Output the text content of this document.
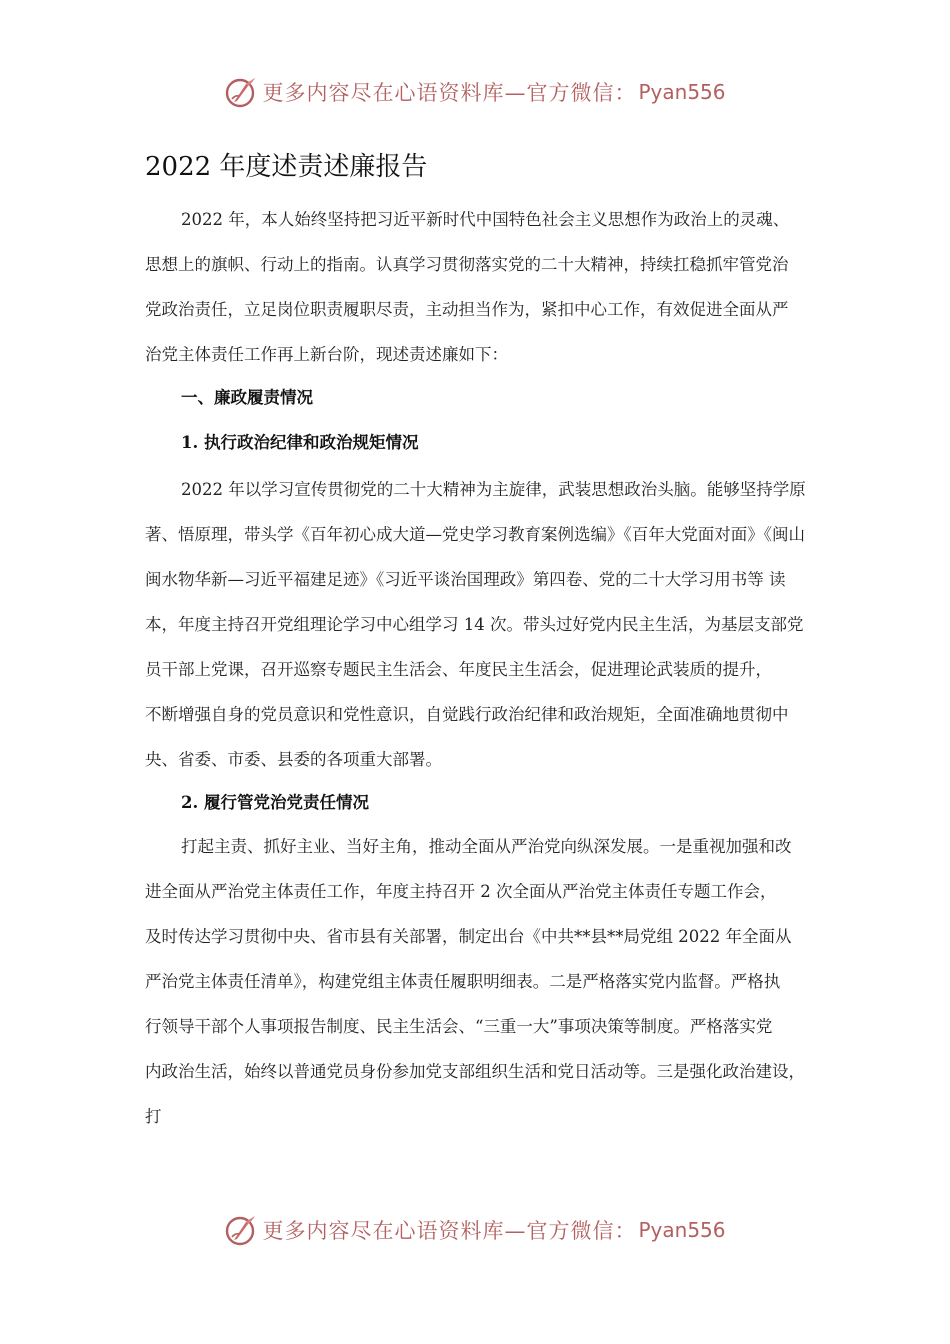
更多内容尽在心语资料库—官方微信： Pyan556
2022 年度述责述廉报告
2022 年，本人始终坚持把习近平新时代中国特色社会主义思想作为政治上的灵魂、
思想上的旗帜、行动上的指南。认真学习贯彻落实党的二十大精神，持续扛稳抓牢管党治
党政治责任，立足岗位职责履职尽责，主动担当作为，紧扣中心工作，有效促进全面从严
治党主体责任工作再上新台阶，现述责述廉如下：
一、廉政履责情况
1. 执行政治纪律和政治规矩情况
2022 年以学习宣传贯彻党的二十大精神为主旋律，武装思想政治头脑。能够坚持学原
著、悟原理，带头学《百年初心成大道—党史学习教育案例选编》《百年大党面对面》《闽山
闽水物华新—习近平福建足迹》《习近平谈治国理政》第四卷、党的二十大学习用书等 读
本，年度主持召开党组理论学习中心组学习 14 次。带头过好党内民主生活，为基层支部党
员干部上党课，召开巡察专题民主生活会、年度民主生活会，促进理论武装质的提升，
不断增强自身的党员意识和党性意识，自觉践行政治纪律和政治规矩，全面准确地贯彻中
央、省委、市委、县委的各项重大部署。
2. 履行管党治党责任情况
打起主责、抓好主业、当好主角，推动全面从严治党向纵深发展。一是重视加强和改
进全面从严治党主体责任工作，年度主持召开 2 次全面从严治党主体责任专题工作会，
及时传达学习贯彻中央、省市县有关部署，制定出台《中共**县**局党组 2022 年全面从
严治党主体责任清单》，构建党组主体责任履职明细表。二是严格落实党内监督。严格执
行领导干部个人事项报告制度、民主生活会、“三重一大”事项决策等制度。严格落实党
内政治生活，始终以普通党员身份参加党支部组织生活和党日活动等。三是强化政治建设，
打
更多内容尽在心语资料库—官方微信： Pyan556
